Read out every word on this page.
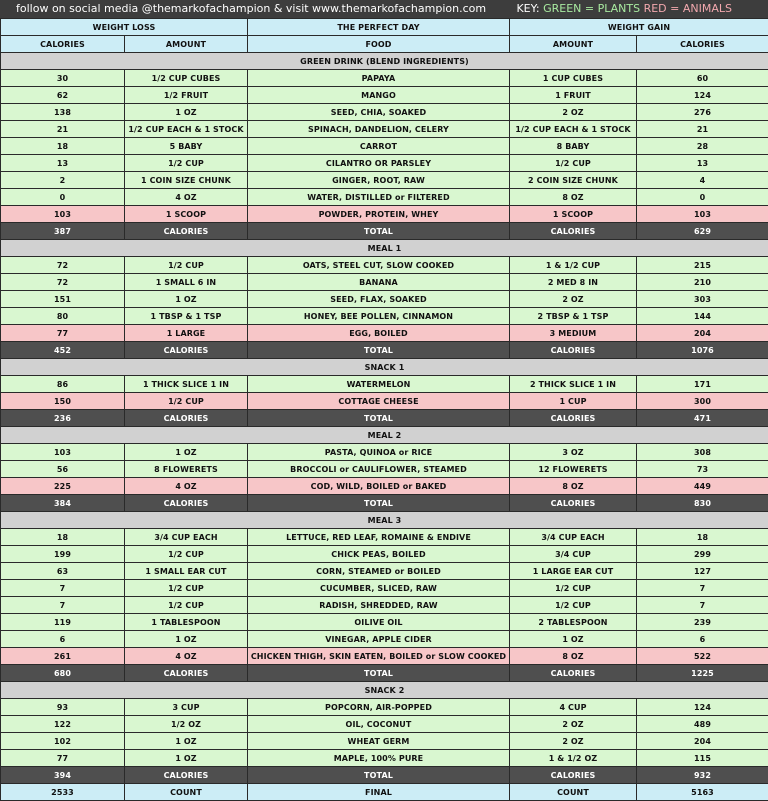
follow on social media @themarkofachampion & visit www.themarkofachampion.com	KEY: GREEN = PLANTS RED = ANIMALS
WEIGHT LOSS		THE PERFECT DAY	WEIGHT GAIN	
CALORIES	AMOUNT	FOOD	AMOUNT	CALORIES
GREEN DRINK (BLEND INGREDIENTS)				
30	1/2 CUP CUBES	PAPAYA	1 CUP CUBES	60
62	1/2 FRUIT	MANGO	1 FRUIT	124
138	1 OZ	SEED, CHIA, SOAKED	2 OZ	276
21	1/2 CUP EACH & 1 STOCK	SPINACH, DANDELION, CELERY	1/2 CUP EACH & 1 STOCK	21
18	5 BABY	CARROT	8 BABY	28
13	1/2 CUP	CILANTRO OR PARSLEY	1/2 CUP	13
2	1 COIN SIZE CHUNK	GINGER, ROOT, RAW	2 COIN SIZE CHUNK	4
0	4 OZ	WATER, DISTILLED or FILTERED	8 OZ	0
103	1 SCOOP	POWDER, PROTEIN, WHEY	1 SCOOP	103
387	CALORIES	TOTAL	CALORIES	629
MEAL 1				
72	1/2 CUP	OATS, STEEL CUT, SLOW COOKED	1 & 1/2 CUP	215
72	1 SMALL 6 IN	BANANA	2 MED 8 IN	210
151	1 OZ	SEED, FLAX, SOAKED	2 OZ	303
80	1 TBSP & 1 TSP	HONEY, BEE POLLEN, CINNAMON	2 TBSP & 1 TSP	144
77	1 LARGE	EGG, BOILED	3 MEDIUM	204
452	CALORIES	TOTAL	CALORIES	1076
SNACK 1				
86	1 THICK SLICE 1 IN	WATERMELON	2 THICK SLICE 1 IN	171
150	1/2 CUP	COTTAGE CHEESE	1 CUP	300
236	CALORIES	TOTAL	CALORIES	471
MEAL 2				
103	1 OZ	PASTA, QUINOA or RICE	3 OZ	308
56	8 FLOWERETS	BROCCOLI or CAULIFLOWER, STEAMED	12 FLOWERETS	73
225	4 OZ	COD, WILD, BOILED or BAKED	8 OZ	449
384	CALORIES	TOTAL	CALORIES	830
MEAL 3				
18	3/4 CUP EACH	LETTUCE, RED LEAF, ROMAINE & ENDIVE	3/4 CUP EACH	18
199	1/2 CUP	CHICK PEAS, BOILED	3/4 CUP	299
63	1 SMALL EAR CUT	CORN, STEAMED or BOILED	1 LARGE EAR CUT	127
7	1/2 CUP	CUCUMBER, SLICED, RAW	1/2 CUP	7
7	1/2 CUP	RADISH, SHREDDED, RAW	1/2 CUP	7
119	1 TABLESPOON	OILIVE OIL	2 TABLESPOON	239
6	1 OZ	VINEGAR, APPLE CIDER	1 OZ	6
261	4 OZ	CHICKEN THIGH, SKIN EATEN, BOILED or SLOW COOKED	8 OZ	522
680	CALORIES	TOTAL	CALORIES	1225
SNACK 2				
93	3 CUP	POPCORN, AIR-POPPED	4 CUP	124
122	1/2 OZ	OIL, COCONUT	2 OZ	489
102	1 OZ	WHEAT GERM	2 OZ	204
77	1 OZ	MAPLE, 100% PURE	1 & 1/2 OZ	115
394	CALORIES	TOTAL	CALORIES	932
2533	COUNT	FINAL	COUNT	5163
